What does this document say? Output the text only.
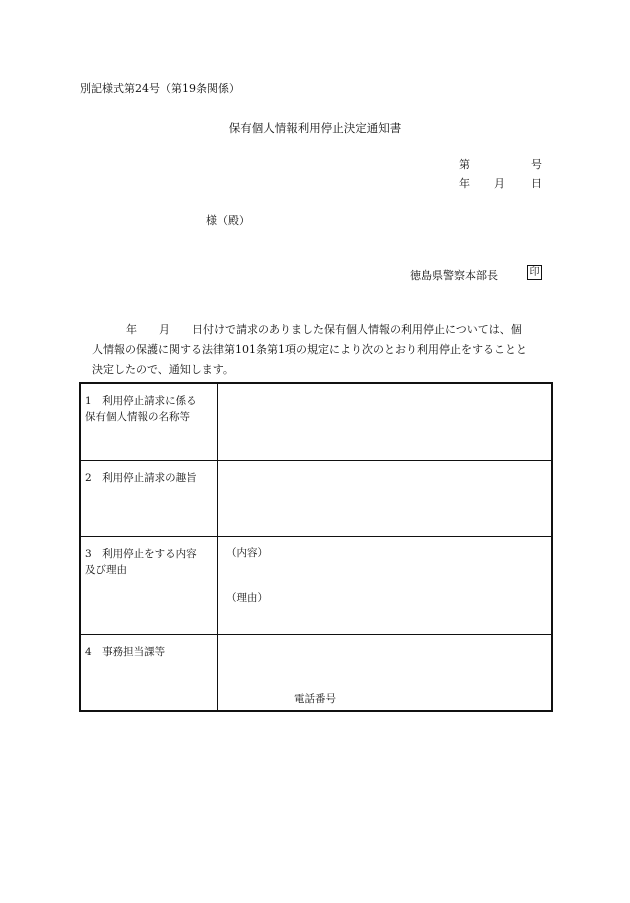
別記様式第24号（第19条関係）
保有個人情報利用停止決定通知書
第	号
年 月 日
様（殿）
徳島県警察本部長	印
年 月 日付けで請求のありました保有個人情報の利用停止については、個
人情報の保護に関する法律第101条第1項の規定により次のとおり利用停止をすることと
決定したので、通知します。
1　利用停止請求に係る
保有個人情報の名称等
2　利用停止請求の趣旨
3　利用停止をする内容
及び理由
（内容）
（理由）
4　事務担当課等
電話番号
